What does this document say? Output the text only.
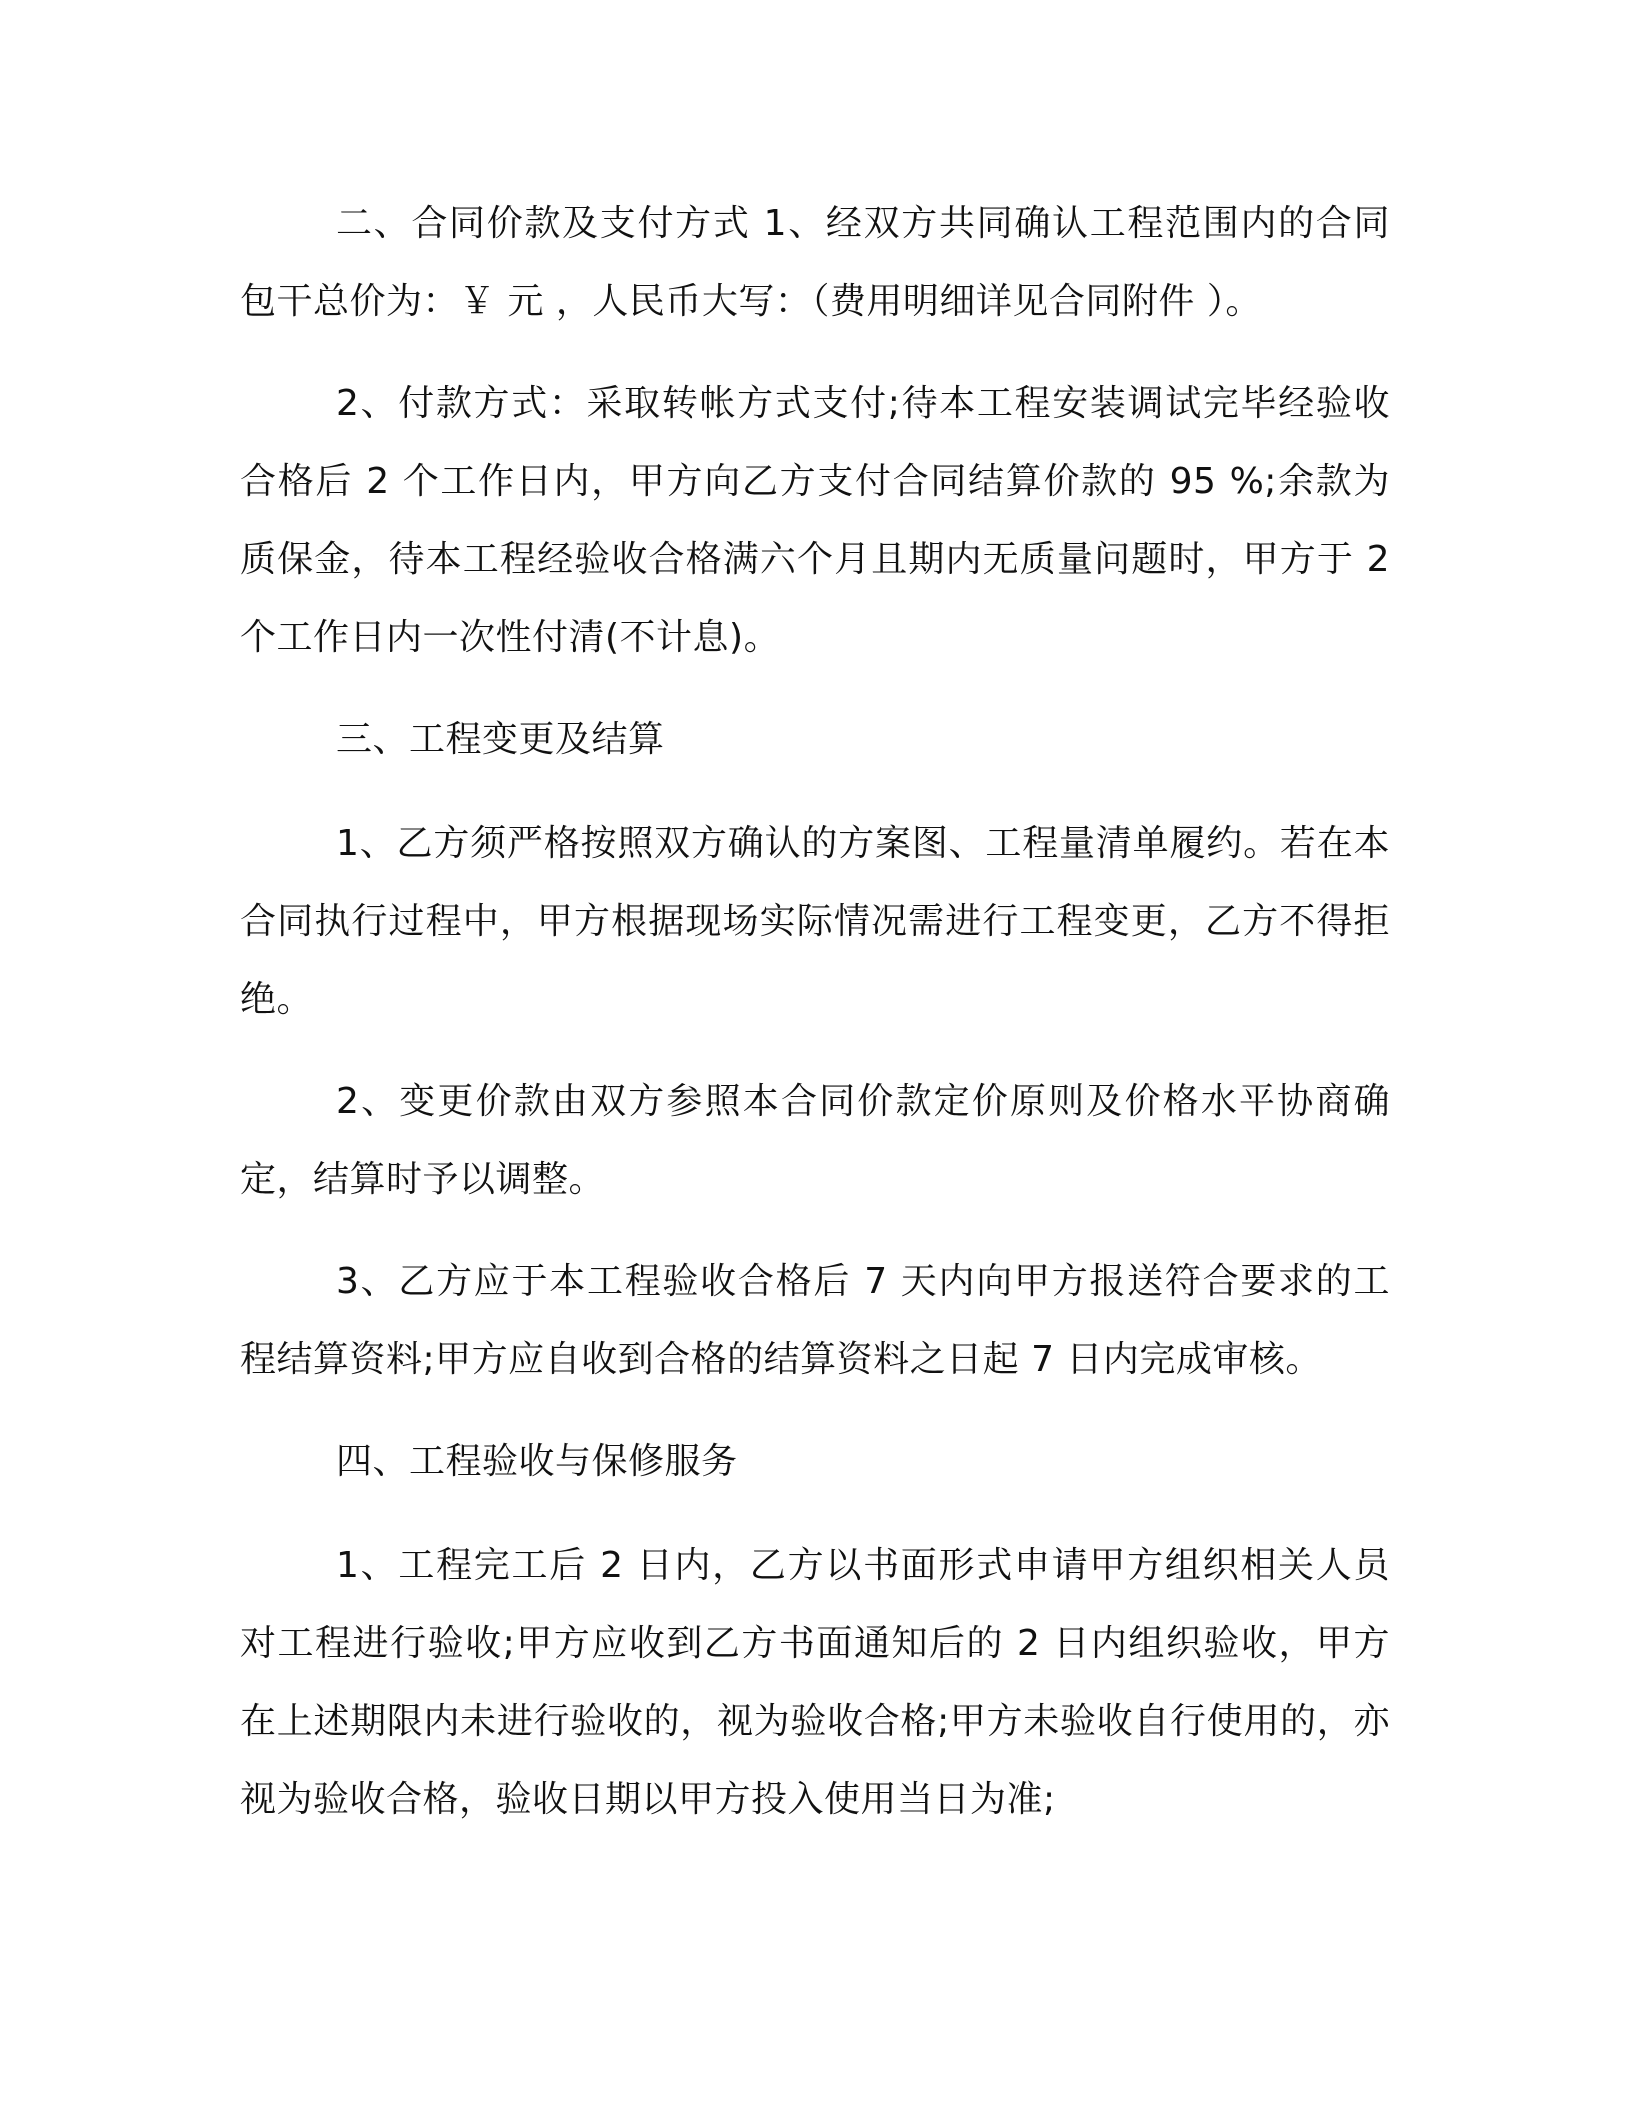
二、合同价款及支付方式 1、经双方共同确认工程范围内的合同包干总价为：￥ 元 ，人民币大写：（费用明细详见合同附件 ）。

2、付款方式：采取转帐方式支付;待本工程安装调试完毕经验收合格后 2 个工作日内，甲方向乙方支付合同结算价款的 95 %;余款为质保金，待本工程经验收合格满六个月且期内无质量问题时，甲方于 2 个工作日内一次性付清(不计息)。

三、工程变更及结算

1、乙方须严格按照双方确认的方案图、工程量清单履约。若在本合同执行过程中，甲方根据现场实际情况需进行工程变更，乙方不得拒绝。

2、变更价款由双方参照本合同价款定价原则及价格水平协商确定，结算时予以调整。

3、乙方应于本工程验收合格后 7 天内向甲方报送符合要求的工程结算资料;甲方应自收到合格的结算资料之日起 7 日内完成审核。

四、工程验收与保修服务

1、工程完工后 2 日内，乙方以书面形式申请甲方组织相关人员对工程进行验收;甲方应收到乙方书面通知后的 2 日内组织验收，甲方在上述期限内未进行验收的，视为验收合格;甲方未验收自行使用的，亦视为验收合格，验收日期以甲方投入使用当日为准;
